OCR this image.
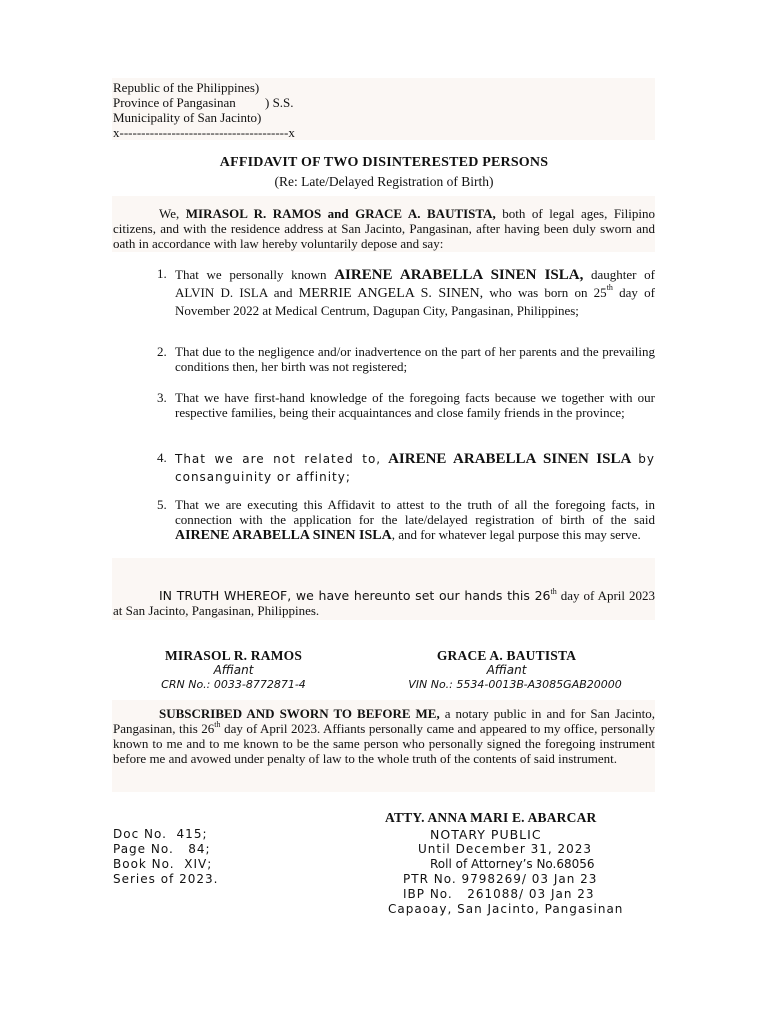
Republic of the Philippines)
Province of Pangasinan ) S.S.
Municipality of San Jacinto)
x---------------------------------------x
AFFIDAVIT OF TWO DISINTERESTED PERSONS
(Re: Late/Delayed Registration of Birth)
We, MIRASOL R. RAMOS and GRACE A. BAUTISTA, both of legal ages, Filipino citizens, and with the residence address at San Jacinto, Pangasinan, after having been duly sworn and oath in accordance with law hereby voluntarily depose and say:
1. That we personally known AIRENE ARABELLA SINEN ISLA, daughter of ALVIN D. ISLA and MERRIE ANGELA S. SINEN, who was born on 25th day of November 2022 at Medical Centrum, Dagupan City, Pangasinan, Philippines;
2. That due to the negligence and/or inadvertence on the part of her parents and the prevailing conditions then, her birth was not registered;
3. That we have first-hand knowledge of the foregoing facts because we together with our respective families, being their acquaintances and close family friends in the province;
4. That we are not related to, AIRENE ARABELLA SINEN ISLA by consanguinity or affinity;
5. That we are executing this Affidavit to attest to the truth of all the foregoing facts, in connection with the application for the late/delayed registration of birth of the said AIRENE ARABELLA SINEN ISLA, and for whatever legal purpose this may serve.
IN TRUTH WHEREOF, we have hereunto set our hands this 26th day of April 2023 at San Jacinto, Pangasinan, Philippines.
MIRASOL R. RAMOS
Affiant
CRN No.: 0033-8772871-4
GRACE A. BAUTISTA
Affiant
VIN No.: 5534-0013B-A3085GAB20000
SUBSCRIBED AND SWORN TO BEFORE ME, a notary public in and for San Jacinto, Pangasinan, this 26th day of April 2023. Affiants personally came and appeared to my office, personally known to me and to me known to be the same person who personally signed the foregoing instrument before me and avowed under penalty of law to the whole truth of the contents of said instrument.
ATTY. ANNA MARI E. ABARCAR
NOTARY PUBLIC
Until December 31, 2023
Roll of Attorney’s No.68056
PTR No. 9798269/ 03 Jan 23
IBP No.   261088/ 03 Jan 23
Capaoay, San Jacinto, Pangasinan
Doc No.  415;
Page No.   84;
Book No.  XIV;
Series of 2023.
